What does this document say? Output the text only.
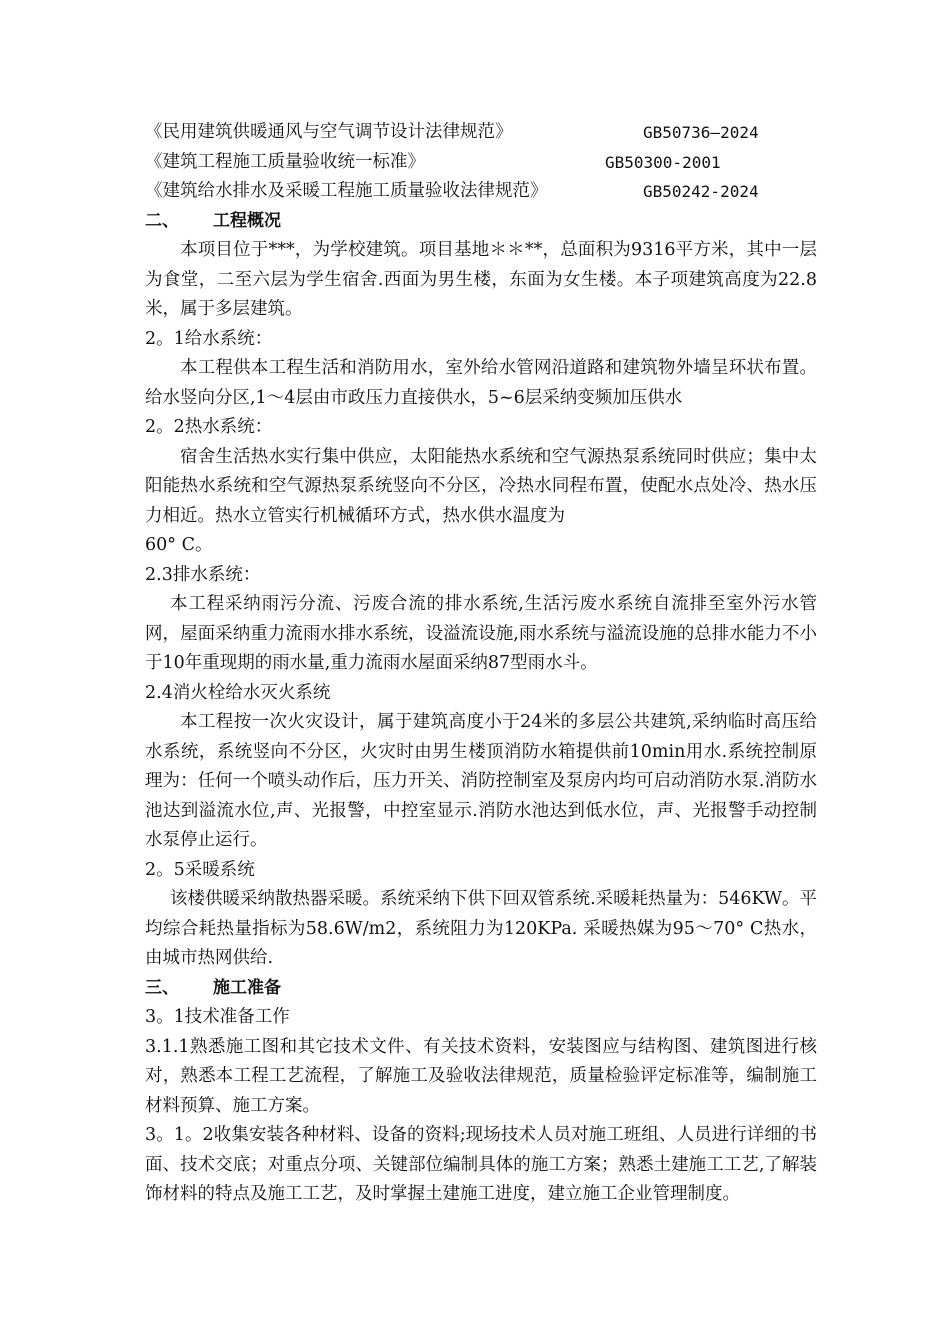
《民用建筑供暖通风与空气调节设计法律规范》	GB50736—2024
《建筑工程施工质量验收统一标准》	GB50300-2001
《建筑给水排水及采暖工程施工质量验收法律规范》	GB50242-2024
二、 工程概况

本项目位于***，为学校建筑。项目基地＊＊**，总面积为9316平方米，其中一层为食堂，二至六层为学生宿舍.西面为男生楼，东面为女生楼。本子项建筑高度为22.8米，属于多层建筑。

2。1给水系统：

本工程供本工程生活和消防用水，室外给水管网沿道路和建筑物外墙呈环状布置。给水竖向分区,1～4层由市政压力直接供水，5~6层采纳变频加压供水

2。2热水系统：

宿舍生活热水实行集中供应，太阳能热水系统和空气源热泵系统同时供应；集中太阳能热水系统和空气源热泵系统竖向不分区，冷热水同程布置，使配水点处冷、热水压力相近。热水立管实行机械循环方式，热水供水温度为

60° C。
2.3排水系统：

本工程采纳雨污分流、污废合流的排水系统,生活污废水系统自流排至室外污水管网，屋面采纳重力流雨水排水系统，设溢流设施,雨水系统与溢流设施的总排水能力不小于10年重现期的雨水量,重力流雨水屋面采纳87型雨水斗。

2.4消火栓给水灭火系统

本工程按一次火灾设计，属于建筑高度小于24米的多层公共建筑,采纳临时高压给水系统，系统竖向不分区，火灾时由男生楼顶消防水箱提供前10min用水.系统控制原理为：任何一个喷头动作后，压力开关、消防控制室及泵房内均可启动消防水泵.消防水池达到溢流水位,声、光报警，中控室显示.消防水池达到低水位，声、光报警手动控制水泵停止运行。

2。5采暖系统

该楼供暖采纳散热器采暖。系统采纳下供下回双管系统.采暖耗热量为：546KW。平均综合耗热量指标为58.6W/m2，系统阻力为120KPa. 采暖热媒为95～70° C热水，由城市热网供给.

三、 施工准备
3。1技术准备工作

3.1.1熟悉施工图和其它技术文件、有关技术资料，安装图应与结构图、建筑图进行核对，熟悉本工程工艺流程，了解施工及验收法律规范，质量检验评定标准等，编制施工材料预算、施工方案。

3。1。2收集安装各种材料、设备的资料;现场技术人员对施工班组、人员进行详细的书面、技术交底；对重点分项、关键部位编制具体的施工方案；熟悉土建施工工艺,了解装饰材料的特点及施工工艺，及时掌握土建施工进度，建立施工企业管理制度。
